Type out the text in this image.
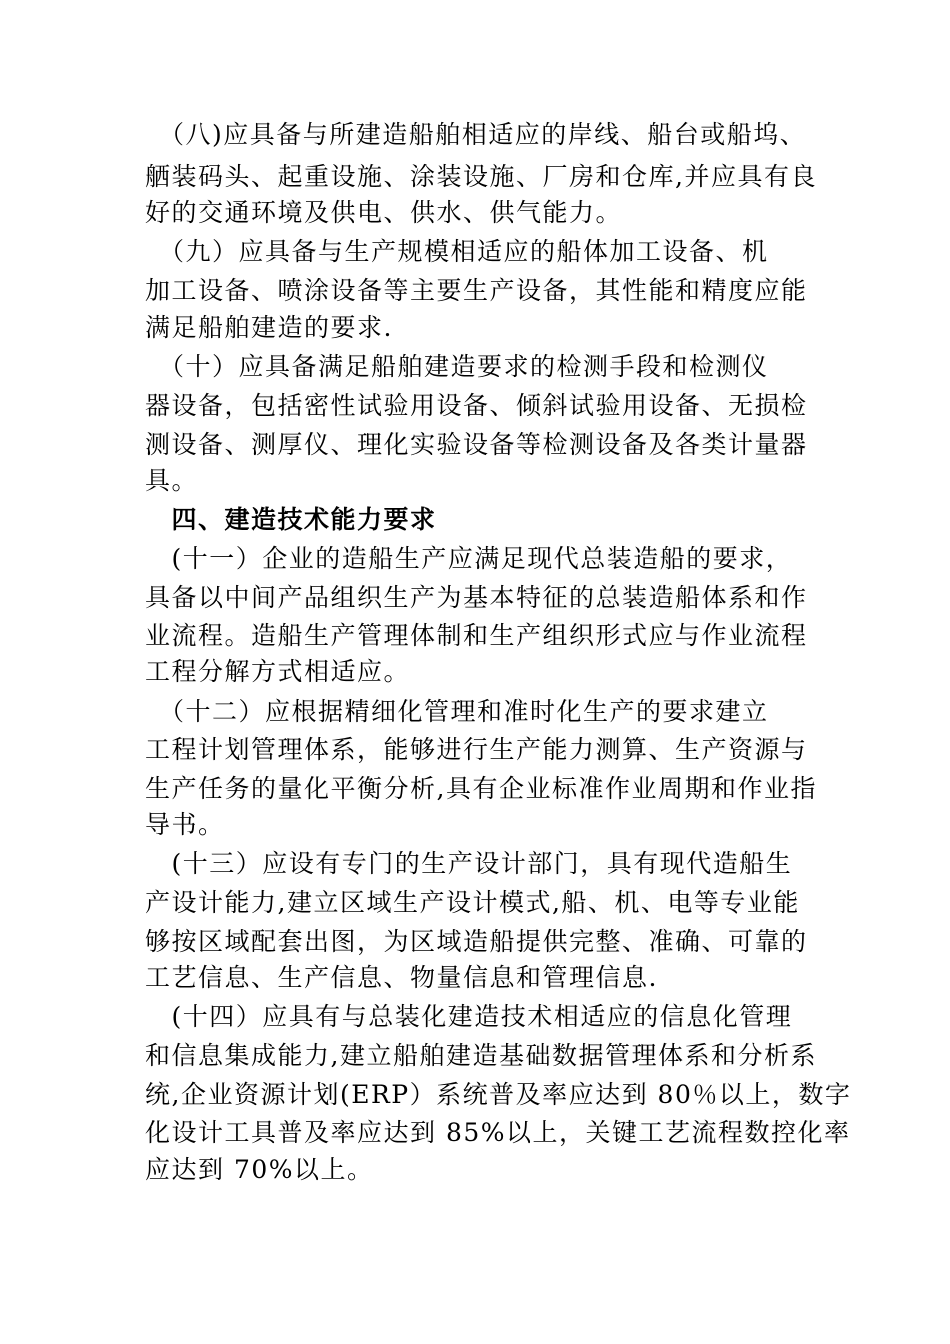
　（八)应具备与所建造船舶相适应的岸线、船台或船坞、
舾装码头、起重设施、涂装设施、厂房和仓库,并应具有良
好的交通环境及供电、供水、供气能力。
　（九）应具备与生产规模相适应的船体加工设备、机
加工设备、喷涂设备等主要生产设备，其性能和精度应能
满足船舶建造的要求.
　（十）应具备满足船舶建造要求的检测手段和检测仪
器设备，包括密性试验用设备、倾斜试验用设备、无损检
测设备、测厚仪、理化实验设备等检测设备及各类计量器
具。
　四、建造技术能力要求
　(十一）企业的造船生产应满足现代总装造船的要求，
具备以中间产品组织生产为基本特征的总装造船体系和作
业流程。造船生产管理体制和生产组织形式应与作业流程
工程分解方式相适应。
　（十二）应根据精细化管理和准时化生产的要求建立
工程计划管理体系，能够进行生产能力测算、生产资源与
生产任务的量化平衡分析,具有企业标准作业周期和作业指
导书。
　(十三）应设有专门的生产设计部门，具有现代造船生
产设计能力,建立区域生产设计模式,船、机、电等专业能
够按区域配套出图，为区域造船提供完整、准确、可靠的
工艺信息、生产信息、物量信息和管理信息.
　(十四）应具有与总装化建造技术相适应的信息化管理
和信息集成能力,建立船舶建造基础数据管理体系和分析系
统,企业资源计划(ERP）系统普及率应达到 80％以上，数字
化设计工具普及率应达到 85%以上，关键工艺流程数控化率
应达到 70%以上。
